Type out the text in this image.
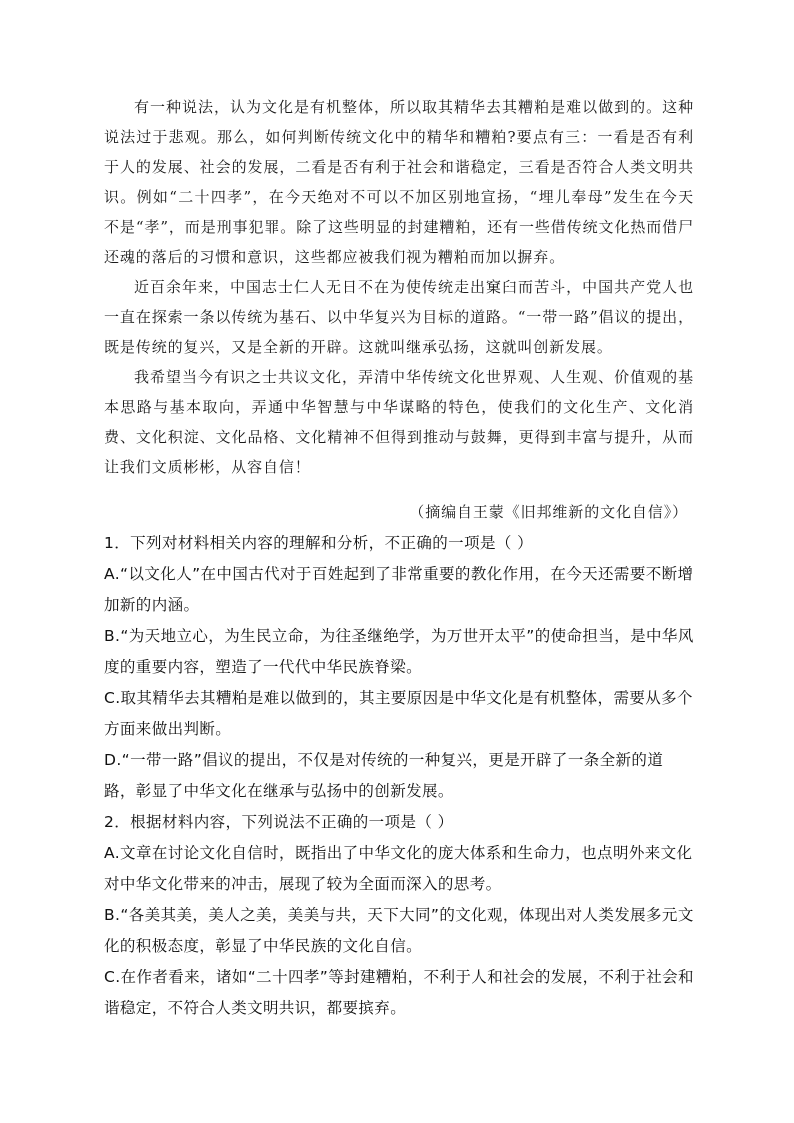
有一种说法，认为文化是有机整体，所以取其精华去其糟粕是难以做到的。这种说法过于悲观。那么，如何判断传统文化中的精华和糟粕?要点有三：一看是否有利于人的发展、社会的发展，二看是否有利于社会和谐稳定，三看是否符合人类文明共识。例如“二十四孝”，在今天绝对不可以不加区别地宣扬，“埋儿奉母”发生在今天不是“孝”，而是刑事犯罪。除了这些明显的封建糟粕，还有一些借传统文化热而借尸还魂的落后的习惯和意识，这些都应被我们视为糟粕而加以摒弃。

近百余年来，中国志士仁人无日不在为使传统走出窠臼而苦斗，中国共产党人也一直在探索一条以传统为基石、以中华复兴为目标的道路。“一带一路”倡议的提出，既是传统的复兴，又是全新的开辟。这就叫继承弘扬，这就叫创新发展。

我希望当今有识之士共议文化，弄清中华传统文化世界观、人生观、价值观的基本思路与基本取向，弄通中华智慧与中华谋略的特色，使我们的文化生产、文化消费、文化积淀、文化品格、文化精神不但得到推动与鼓舞，更得到丰富与提升，从而让我们文质彬彬，从容自信！

（摘编自王蒙《旧邦维新的文化自信》）

1．下列对材料相关内容的理解和分析，不正确的一项是（ ）

A.“以文化人”在中国古代对于百姓起到了非常重要的教化作用，在今天还需要不断增加新的内涵。

B.“为天地立心，为生民立命，为往圣继绝学，为万世开太平”的使命担当，是中华风度的重要内容，塑造了一代代中华民族脊梁。

C.取其精华去其糟粕是难以做到的，其主要原因是中华文化是有机整体，需要从多个方面来做出判断。

D.“一带一路”倡议的提出，不仅是对传统的一种复兴，更是开辟了一条全新的道路，彰显了中华文化在继承与弘扬中的创新发展。

2．根据材料内容，下列说法不正确的一项是（ ）

A.文章在讨论文化自信时，既指出了中华文化的庞大体系和生命力，也点明外来文化对中华文化带来的冲击，展现了较为全面而深入的思考。

B.“各美其美，美人之美，美美与共，天下大同”的文化观，体现出对人类发展多元文化的积极态度，彰显了中华民族的文化自信。

C.在作者看来，诸如“二十四孝”等封建糟粕，不利于人和社会的发展，不利于社会和谐稳定，不符合人类文明共识，都要摈弃。
